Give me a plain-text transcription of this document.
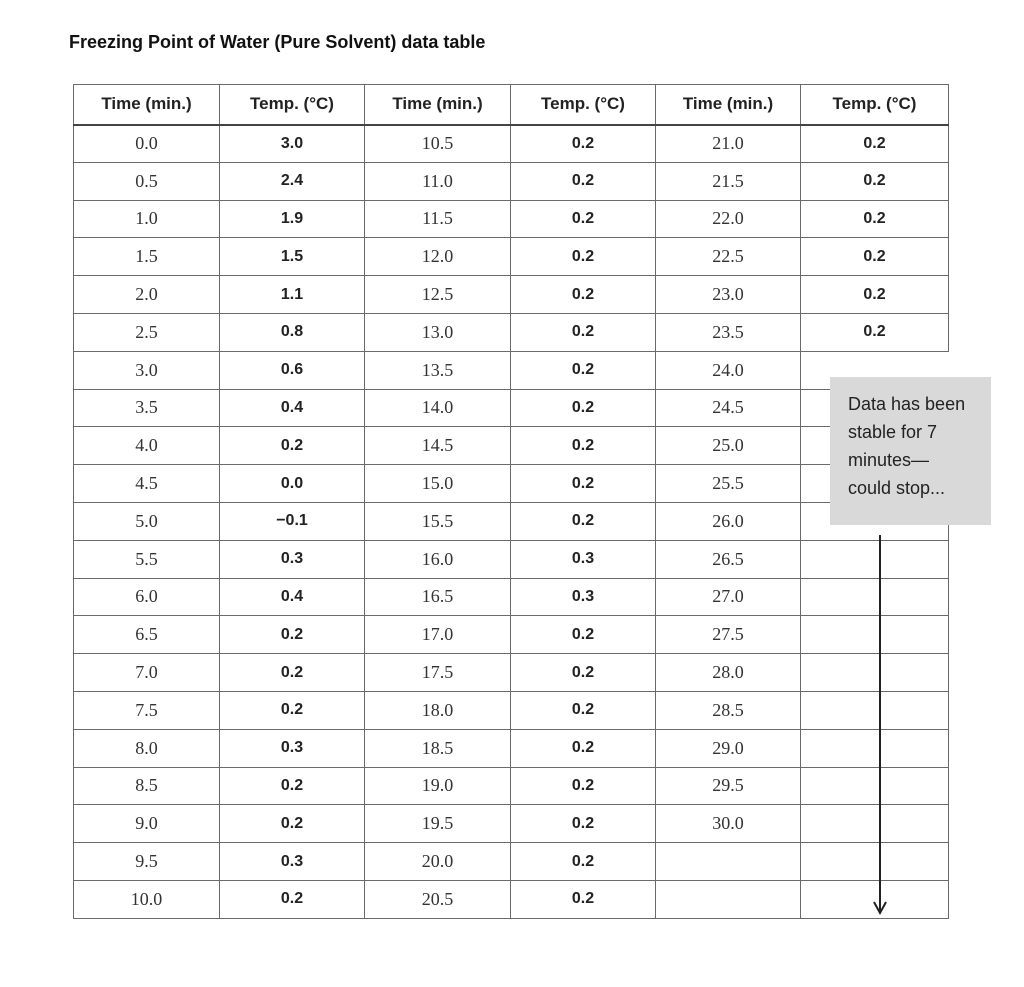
Freezing Point of Water (Pure Solvent) data table
Time (min.)	Temp. (°C)	Time (min.)	Temp. (°C)	Time (min.)	Temp. (°C)
0.0	3.0	10.5	0.2	21.0	0.2
0.5	2.4	11.0	0.2	21.5	0.2
1.0	1.9	11.5	0.2	22.0	0.2
1.5	1.5	12.0	0.2	22.5	0.2
2.0	1.1	12.5	0.2	23.0	0.2
2.5	0.8	13.0	0.2	23.5	0.2
3.0	0.6	13.5	0.2	24.0	
3.5	0.4	14.0	0.2	24.5	
4.0	0.2	14.5	0.2	25.0	
4.5	0.0	15.0	0.2	25.5	
5.0	−0.1	15.5	0.2	26.0	
5.5	0.3	16.0	0.3	26.5	
6.0	0.4	16.5	0.3	27.0	
6.5	0.2	17.0	0.2	27.5	
7.0	0.2	17.5	0.2	28.0	
7.5	0.2	18.0	0.2	28.5	
8.0	0.3	18.5	0.2	29.0	
8.5	0.2	19.0	0.2	29.5	
9.0	0.2	19.5	0.2	30.0	
9.5	0.3	20.0	0.2		
10.0	0.2	20.5	0.2		
Data has been
stable for 7
minutes—
could stop...
